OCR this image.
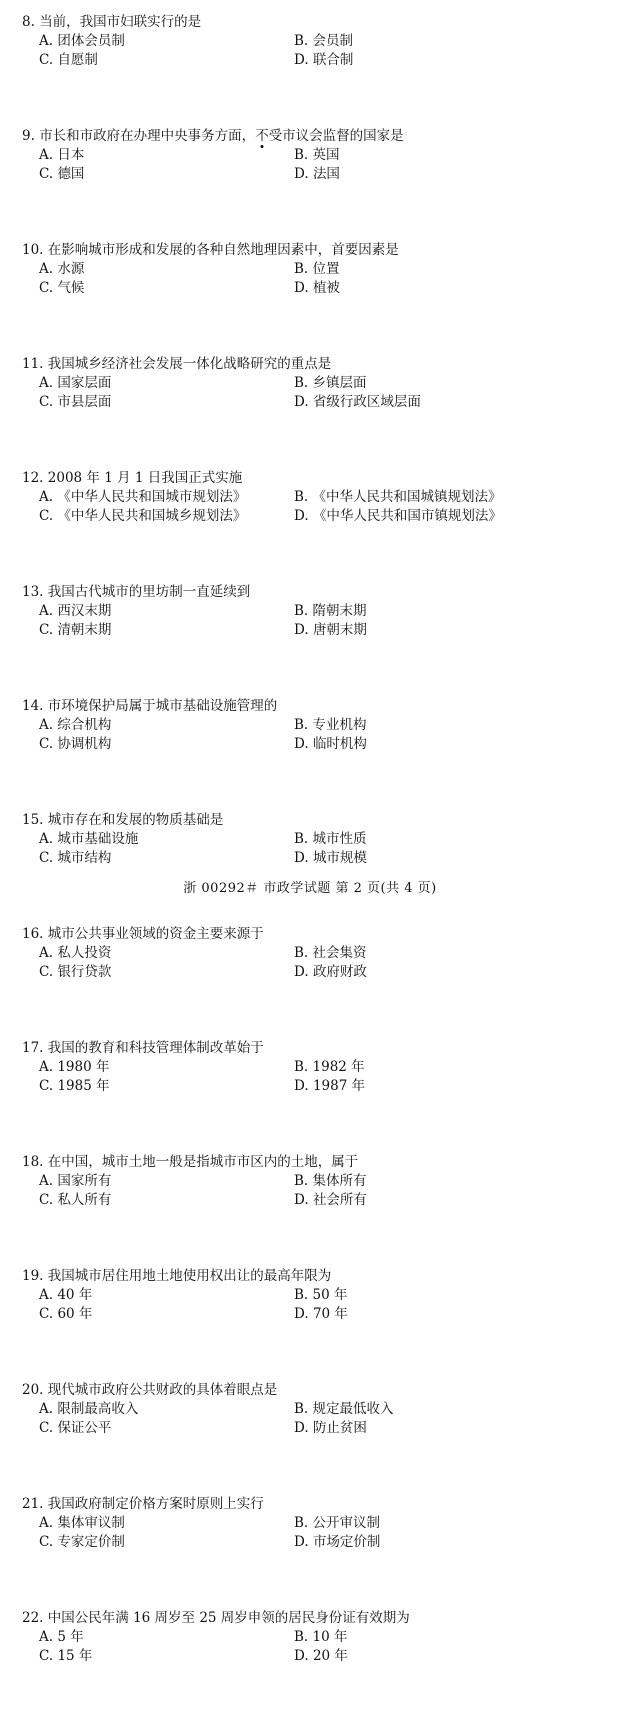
8. 当前，我国市妇联实行的是
A. 团体会员制	B. 会员制
C. 自愿制	D. 联合制
9. 市长和市政府在办理中央事务方面，不受市议会监督的国家是
A. 日本	B. 英国
C. 德国	D. 法国
10. 在影响城市形成和发展的各种自然地理因素中，首要因素是
A. 水源	B. 位置
C. 气候	D. 植被
11. 我国城乡经济社会发展一体化战略研究的重点是
A. 国家层面	B. 乡镇层面
C. 市县层面	D. 省级行政区域层面
12. 2008 年 1 月 1 日我国正式实施
A. 《中华人民共和国城市规划法》	B. 《中华人民共和国城镇规划法》
C. 《中华人民共和国城乡规划法》	D. 《中华人民共和国市镇规划法》
13. 我国古代城市的里坊制一直延续到
A. 西汉末期	B. 隋朝末期
C. 清朝末期	D. 唐朝末期
14. 市环境保护局属于城市基础设施管理的
A. 综合机构	B. 专业机构
C. 协调机构	D. 临时机构
15. 城市存在和发展的物质基础是
A. 城市基础设施	B. 城市性质
C. 城市结构	D. 城市规模
16. 城市公共事业领域的资金主要来源于
A. 私人投资	B. 社会集资
C. 银行贷款	D. 政府财政
17. 我国的教育和科技管理体制改革始于
A. 1980 年	B. 1982 年
C. 1985 年	D. 1987 年
18. 在中国，城市土地一般是指城市市区内的土地，属于
A. 国家所有	B. 集体所有
C. 私人所有	D. 社会所有
19. 我国城市居住用地土地使用权出让的最高年限为
A. 40 年	B. 50 年
C. 60 年	D. 70 年
20. 现代城市政府公共财政的具体着眼点是
A. 限制最高收入	B. 规定最低收入
C. 保证公平	D. 防止贫困
21. 我国政府制定价格方案时原则上实行
A. 集体审议制	B. 公开审议制
C. 专家定价制	D. 市场定价制
22. 中国公民年满 16 周岁至 25 周岁申领的居民身份证有效期为
A. 5 年	B. 10 年
C. 15 年	D. 20 年
浙 00292＃ 市政学试题 第 2 页(共 4 页)
